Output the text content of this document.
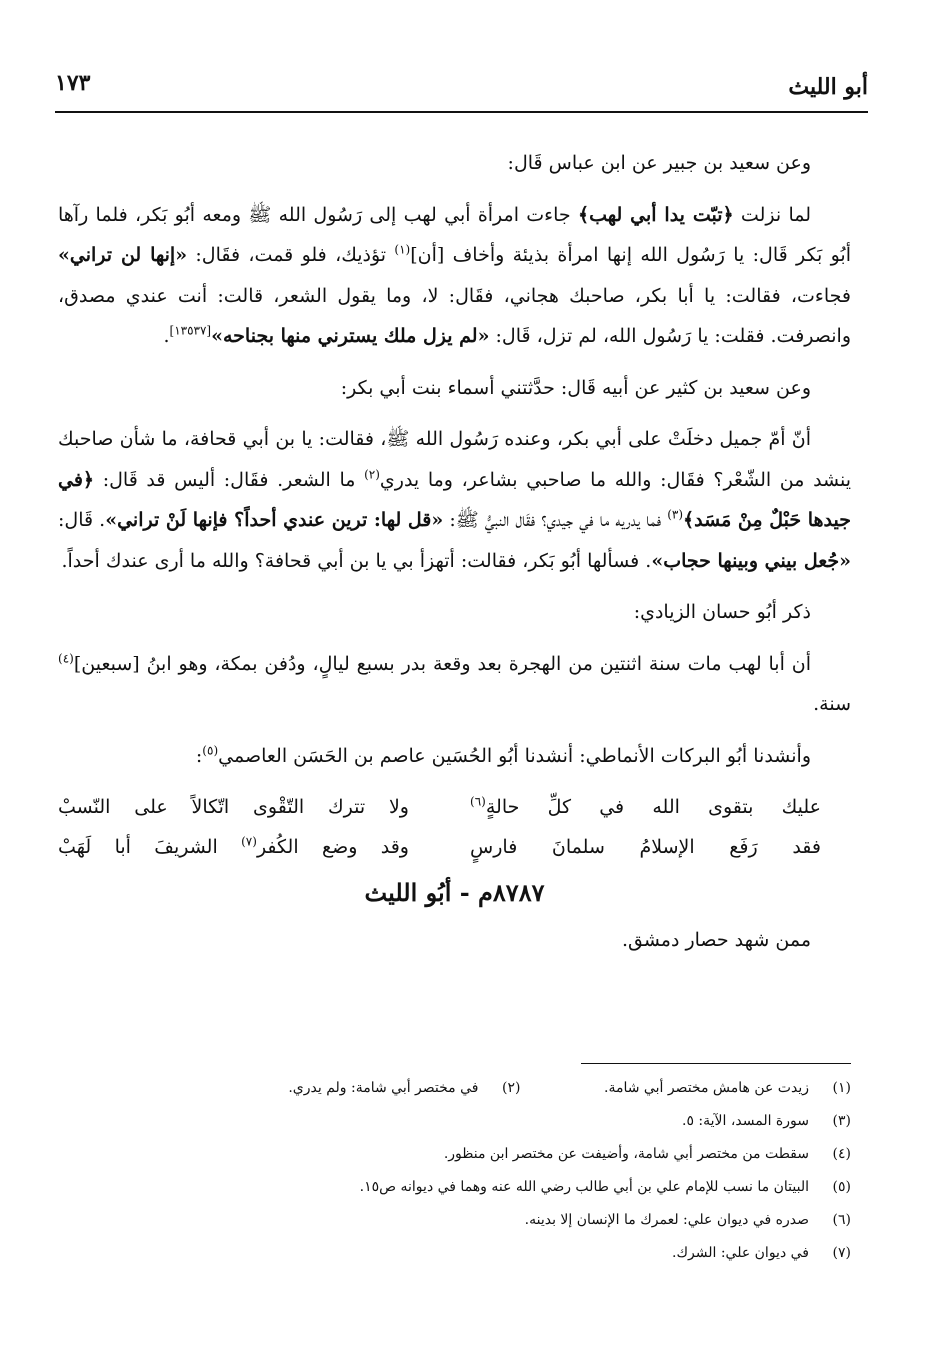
أبو الليث
١٧٣

وعن سعيد بن جبير عن ابن عباس قَال:

لما نزلت ﴿تبّت يدا أبي لهب﴾ جاءت امرأة أبي لهب إلى رَسُول الله ﷺ ومعه أبُو بَكر، فلما رآها أبُو بَكر قَال: يا رَسُول الله إنها امرأة بذيئة وأخاف [أن]$^{(١)}$ تؤذيك، فلو قمت، فقَال: «إنها لن تراني» فجاءت، فقالت: يا أبا بكر، صاحبك هجاني، فقَال: لا، وما يقول الشعر، قالت: أنت عندي مصدق، وانصرفت. فقلت: يا رَسُول الله، لم تزل، قَال: «لم يزل ملك يسترني منها بجناحه»[١٣٥٣٧].

وعن سعيد بن كثير عن أبيه قَال: حدَّثتني أسماء بنت أبي بكر:

أنّ أمّ جميل دخلَتْ على أبي بكر، وعنده رَسُول الله ﷺ، فقالت: يا بن أبي قحافة، ما شأن صاحبك ينشد من الشّعْر؟ فقَال: والله ما صاحبي بشاعر، وما يدري$^{(٢)}$ ما الشعر. فقَال: أليس قد قَال: ﴿في جيدها حَبْلٌ مِنْ مَسَد﴾$^{(٣)}$ فما يدريه ما في جيدي؟ فقَال النبيُّ ﷺ: «قل لها: ترين عندي أحداً؟ فإنها لَنْ تراني». قَال: «جُعل بيني وبينها حجاب». فسألها أبُو بَكر، فقالت: أتهزأ بي يا بن أبي قحافة؟ والله ما أرى عندك أحداً.

ذكر أبُو حسان الزيادي:

أن أبا لهب مات سنة اثنتين من الهجرة بعد وقعة بدر بسبع ليالٍ، ودُفن بمكة، وهو ابنُ [سبعين]$^{(٤)}$ سنة.

وأنشدنا أبُو البركات الأنماطي: أنشدنا أبُو الحُسَين عاصم بن الحَسَن العاصمي$^{(٥)}$:

عليك بتقوى الله في كلِّ حالةٍ$^{(٦)}$
ولا تترك التّقْوى اتّكالاً على النّسبْ
فقد رَفَع الإسلامُ سلمانَ فارسٍ
وقد وضع الكُفر$^{(٧)}$ الشريفَ أبا لَهَبْ
٨٧٨٧م - أبُو الليث

ممن شهد حصار دمشق.

(١)
زيدت عن هامش مختصر أبي شامة.
(٢)
في مختصر أبي شامة: ولم يدري.
(٣)
سورة المسد، الآية: ٥.
(٤)
سقطت من مختصر أبي شامة، وأضيفت عن مختصر ابن منظور.
(٥)
البيتان ما نسب للإمام علي بن أبي طالب رضي الله عنه وهما في ديوانه ص١٥.
(٦)
صدره في ديوان علي: لعمرك ما الإنسان إلا بدينه.
(٧)
في ديوان علي: الشرك.
